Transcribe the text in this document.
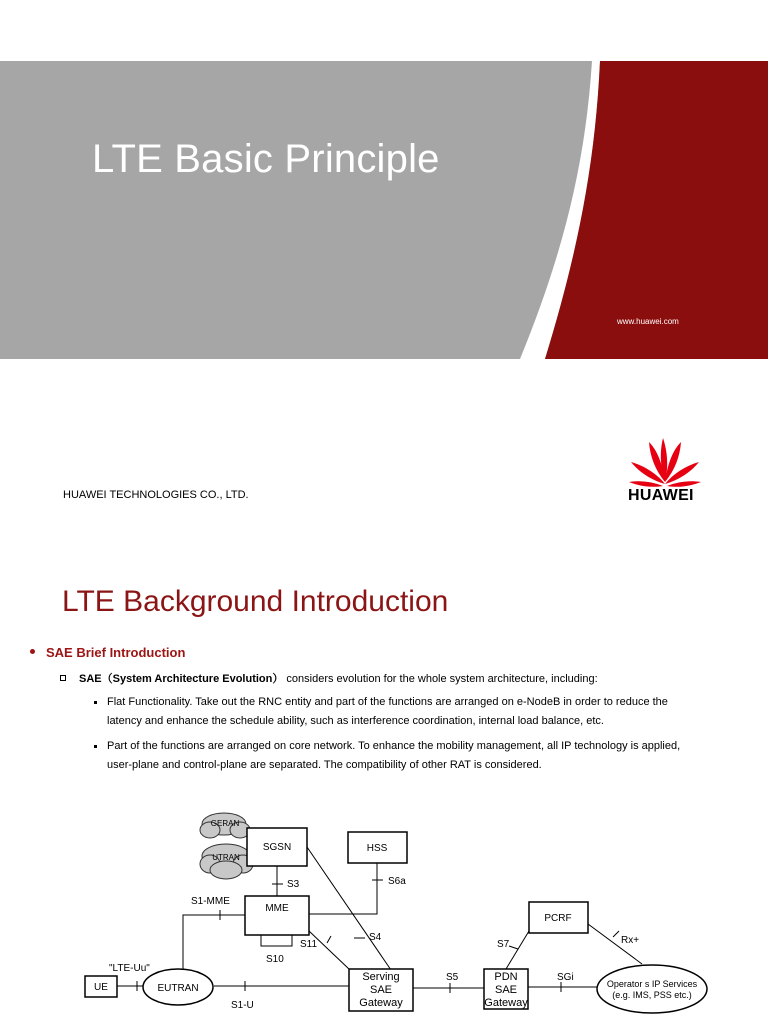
LTE Basic Principle
www.huawei.com
HUAWEI TECHNOLOGIES CO., LTD.	HUAWEI
LTE Background Introduction
SAE Brief Introduction
SAE（System Architecture Evolution） considers evolution for the whole system architecture, including:
Flat Functionality. Take out the RNC entity and part of the functions are arranged on e-NodeB in order to reduce the latency and enhance the schedule ability, such as interference coordination, internal load balance, etc.
Part of the functions are arranged on core network. To enhance the mobility management, all IP technology is applied, user-plane and control-plane are separated. The compatibility of other RAT is considered.
GERAN
UTRAN
SGSN	HSS
MME
PCRF
UE	EUTRAN
Serving
SAE
Gateway
PDN
SAE
Gateway
Operator s IP Services
(e.g. IMS, PSS etc.)
S3	S6a
S1-MME
S4
S11
S10
S7	Rx+
"LTE-Uu"
S5	SGi
S1-U
